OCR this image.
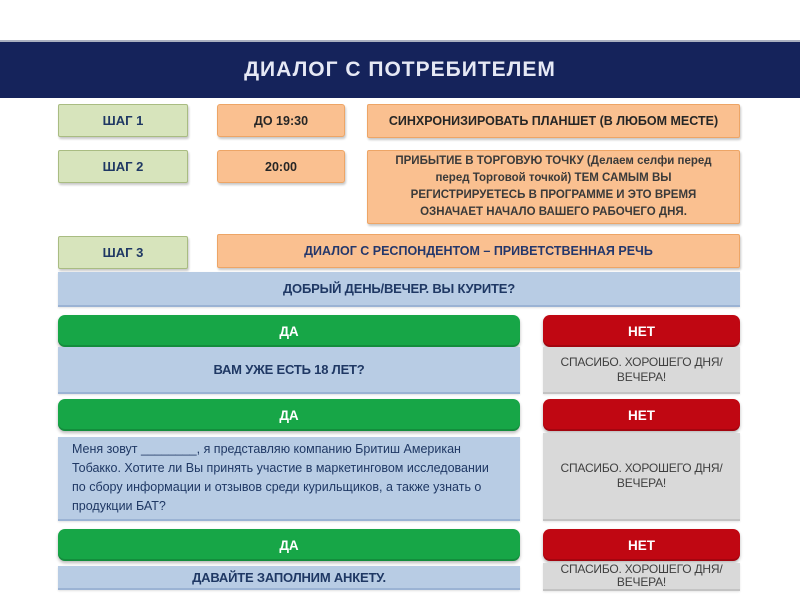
ДИАЛОГ С ПОТРЕБИТЕЛЕМ
ШАГ 1	ДО 19:30	СИНХРОНИЗИРОВАТЬ ПЛАНШЕТ (В ЛЮБОМ МЕСТЕ)
ШАГ 2	20:00	ПРИБЫТИЕ В ТОРГОВУЮ ТОЧКУ (Делаем селфи перед перед Торговой точкой) ТЕМ САМЫМ ВЫ РЕГИСТРИРУЕТЕСЬ В ПРОГРАММЕ И ЭТО ВРЕМЯ ОЗНАЧАЕТ НАЧАЛО ВАШЕГО РАБОЧЕГО ДНЯ.
ШАГ 3	ДИАЛОГ С РЕСПОНДЕНТОМ – ПРИВЕТСТВЕННАЯ РЕЧЬ
ДОБРЫЙ ДЕНЬ/ВЕЧЕР. ВЫ КУРИТЕ?
ДА	НЕТ
ВАМ УЖЕ ЕСТЬ 18 ЛЕТ?
СПАСИБО. ХОРОШЕГО ДНЯ/ВЕЧЕРА!
ДА	НЕТ
Меня зовут ________, я представляю компанию Бритиш Американ Тобакко. Хотите ли Вы принять участие в маркетинговом исследовании по сбору информации и отзывов среди курильщиков, а также узнать о продукции БАТ?
СПАСИБО. ХОРОШЕГО ДНЯ/ВЕЧЕРА!
ДА	НЕТ
ДАВАЙТЕ ЗАПОЛНИМ АНКЕТУ.
СПАСИБО. ХОРОШЕГО ДНЯ/ВЕЧЕРА!
